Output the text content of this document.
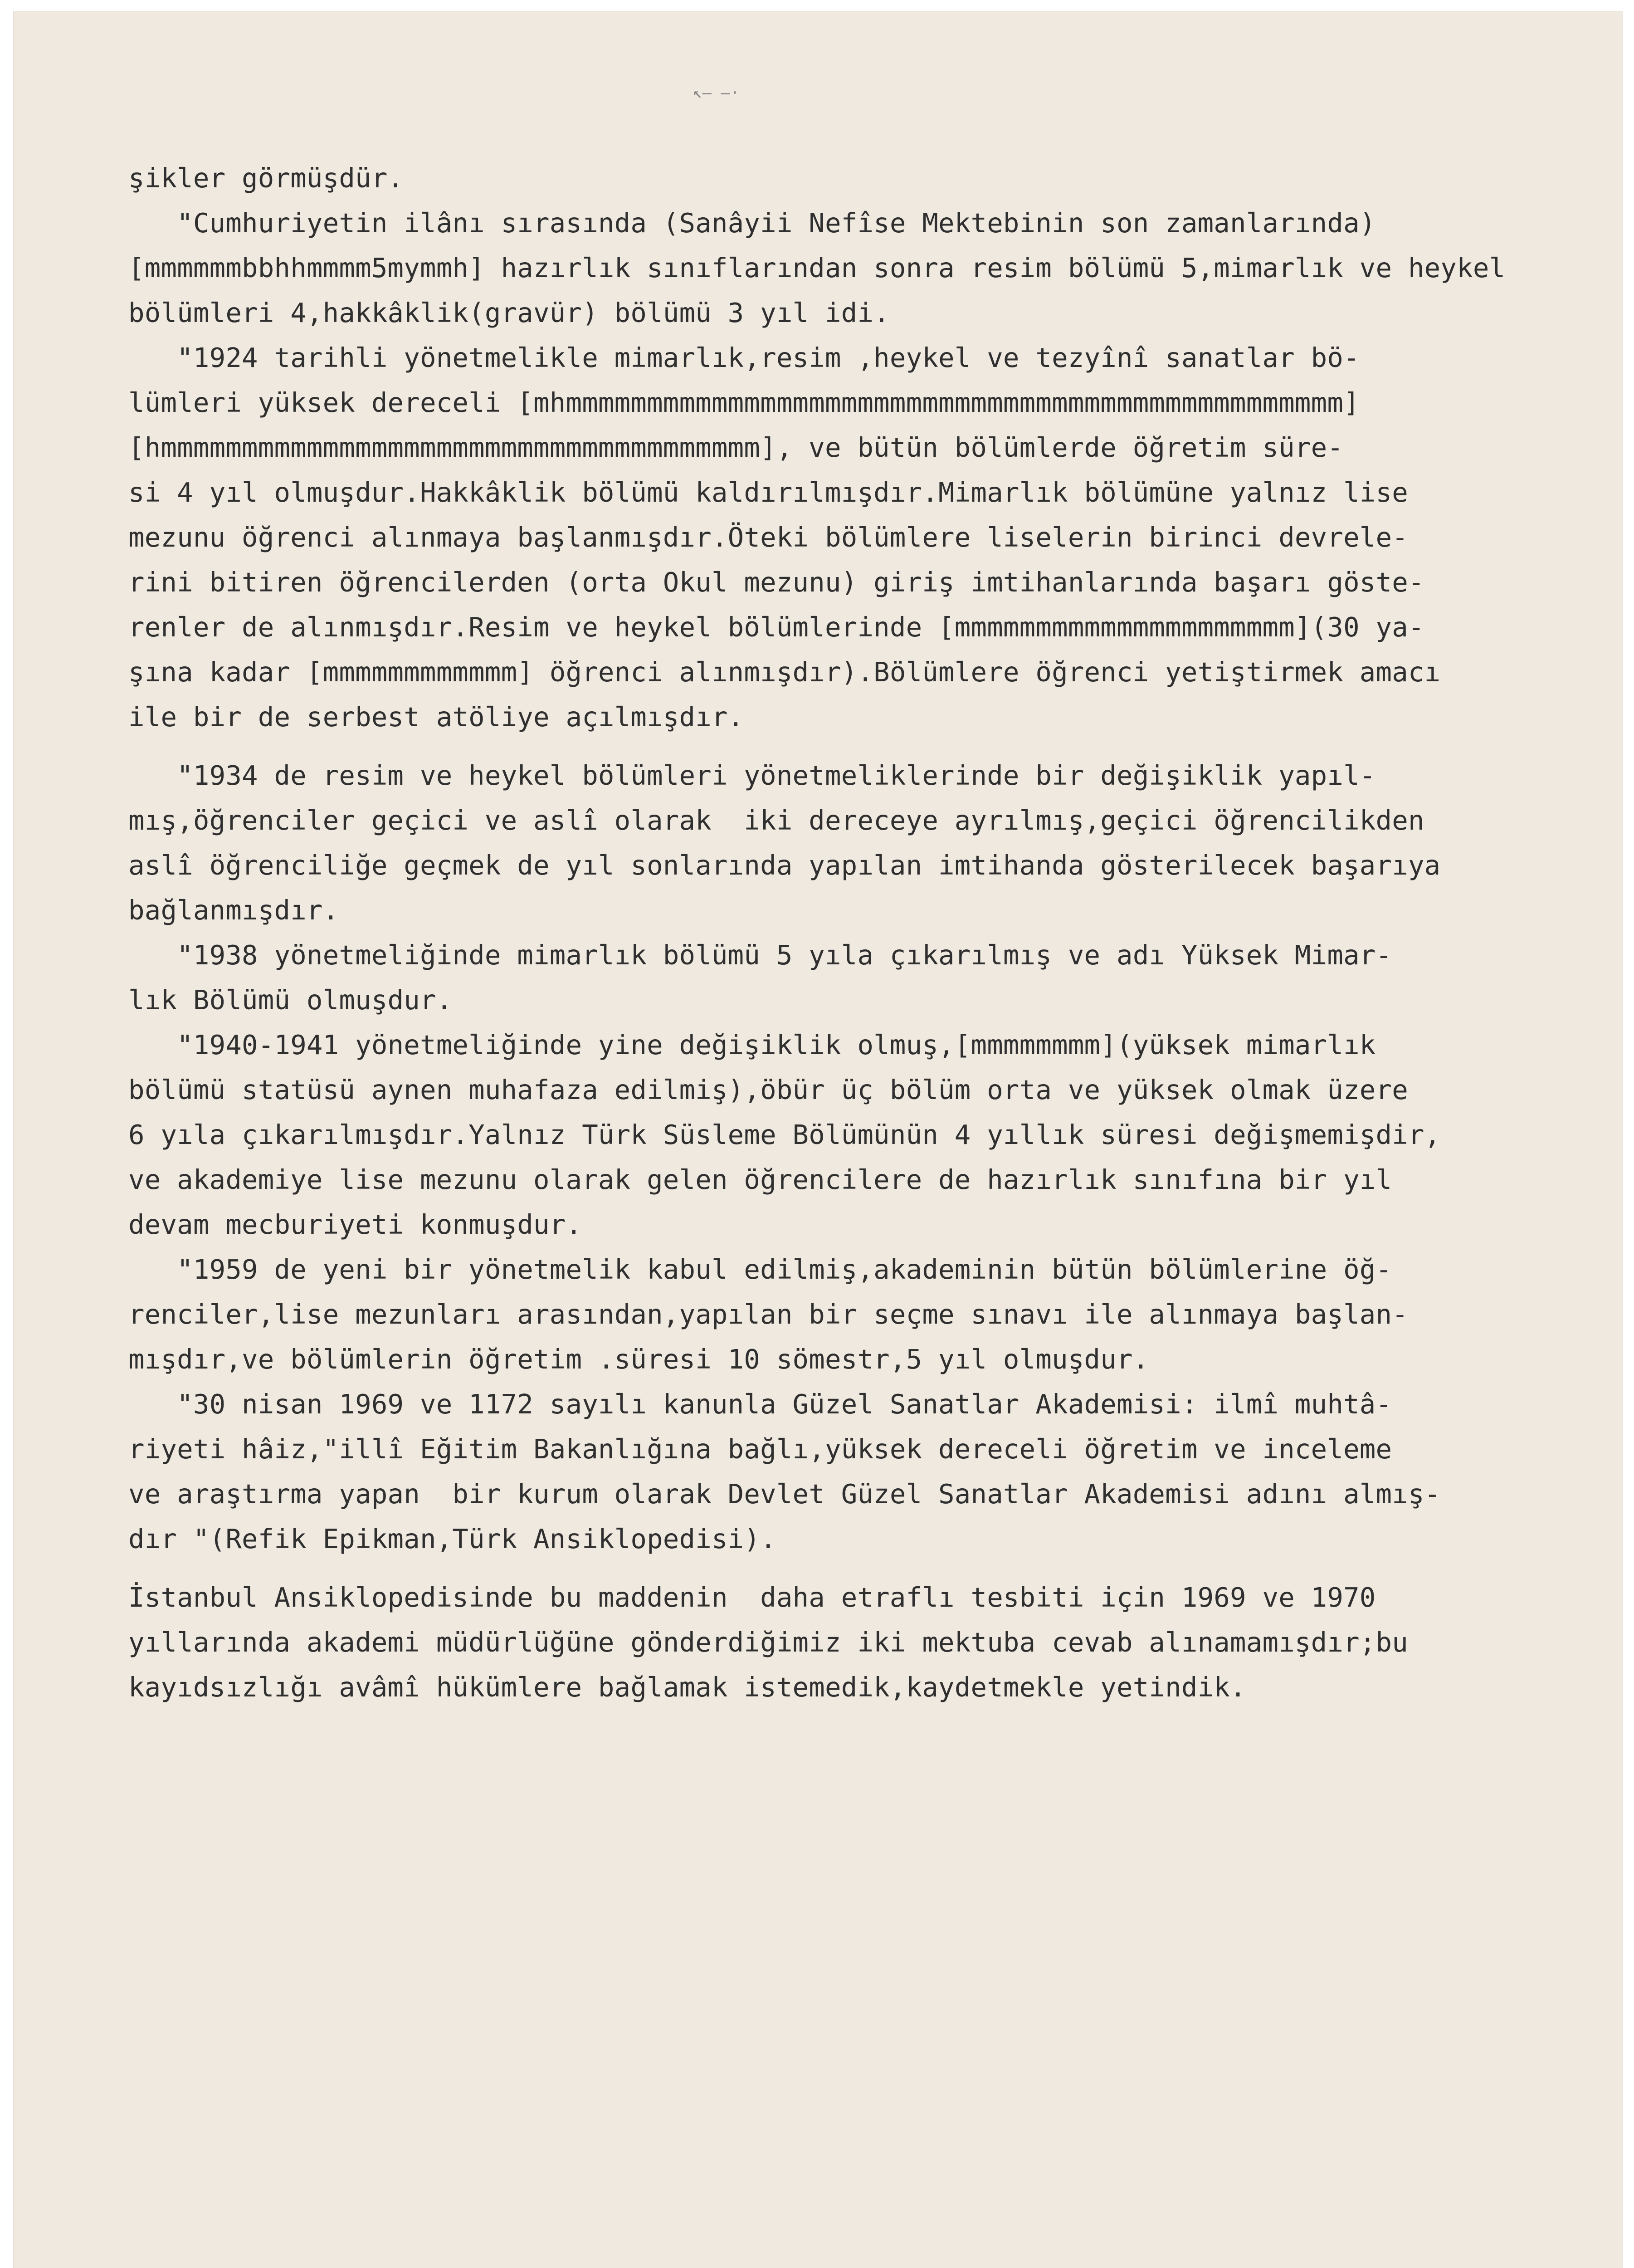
↖— —·
şikler görmüşdür.
"Cumhuriyetin ilânı sırasında (Sanâyii Nefîse Mektebinin son zamanlarında)
[mmmmmmbbhhmmmm5mymmh] hazırlık sınıflarından sonra resim bölümü 5,mimarlık ve heykel
bölümleri 4,hakkâklik(gravür) bölümü 3 yıl idi.
"1924 tarihli yönetmelikle mimarlık,resim ,heykel ve tezyînî sanatlar bö-
lümleri yüksek dereceli [mhmmmmmmmmmmmmmmmmmmmmmmmmmmmmmmmmmmmmmmmmmmmmmmmm]
[hmmmmmmmmmmmmmmmmmmmmmmmmmmmmmmmmmmmmm], ve bütün bölümlerde öğretim süre-
si 4 yıl olmuşdur.Hakkâklik bölümü kaldırılmışdır.Mimarlık bölümüne yalnız lise
mezunu öğrenci alınmaya başlanmışdır.Öteki bölümlere liselerin birinci devrele-
rini bitiren öğrencilerden (orta Okul mezunu) giriş imtihanlarında başarı göste-
renler de alınmışdır.Resim ve heykel bölümlerinde [mmmmmmmmmmmmmmmmmmmmm](30 ya-
şına kadar [mmmmmmmmmmmm] öğrenci alınmışdır).Bölümlere öğrenci yetiştirmek amacı
ile bir de serbest atöliye açılmışdır.
"1934 de resim ve heykel bölümleri yönetmeliklerinde bir değişiklik yapıl-
mış,öğrenciler geçici ve aslî olarak  iki dereceye ayrılmış,geçici öğrencilikden
aslî öğrenciliğe geçmek de yıl sonlarında yapılan imtihanda gösterilecek başarıya
bağlanmışdır.
"1938 yönetmeliğinde mimarlık bölümü 5 yıla çıkarılmış ve adı Yüksek Mimar-
lık Bölümü olmuşdur.
"1940-1941 yönetmeliğinde yine değişiklik olmuş,[mmmmmmmm](yüksek mimarlık
bölümü statüsü aynen muhafaza edilmiş),öbür üç bölüm orta ve yüksek olmak üzere
6 yıla çıkarılmışdır.Yalnız Türk Süsleme Bölümünün 4 yıllık süresi değişmemişdir,
ve akademiye lise mezunu olarak gelen öğrencilere de hazırlık sınıfına bir yıl
devam mecburiyeti konmuşdur.
"1959 de yeni bir yönetmelik kabul edilmiş,akademinin bütün bölümlerine öğ-
renciler,lise mezunları arasından,yapılan bir seçme sınavı ile alınmaya başlan-
mışdır,ve bölümlerin öğretim .süresi 10 sömestr,5 yıl olmuşdur.
"30 nisan 1969 ve 1172 sayılı kanunla Güzel Sanatlar Akademisi: ilmî muhtâ-
riyeti hâiz,"illî Eğitim Bakanlığına bağlı,yüksek dereceli öğretim ve inceleme
ve araştırma yapan  bir kurum olarak Devlet Güzel Sanatlar Akademisi adını almış-
dır "(Refik Epikman,Türk Ansiklopedisi).
İstanbul Ansiklopedisinde bu maddenin  daha etraflı tesbiti için 1969 ve 1970
yıllarında akademi müdürlüğüne gönderdiğimiz iki mektuba cevab alınamamışdır;bu
kayıdsızlığı avâmî hükümlere bağlamak istemedik,kaydetmekle yetindik.
